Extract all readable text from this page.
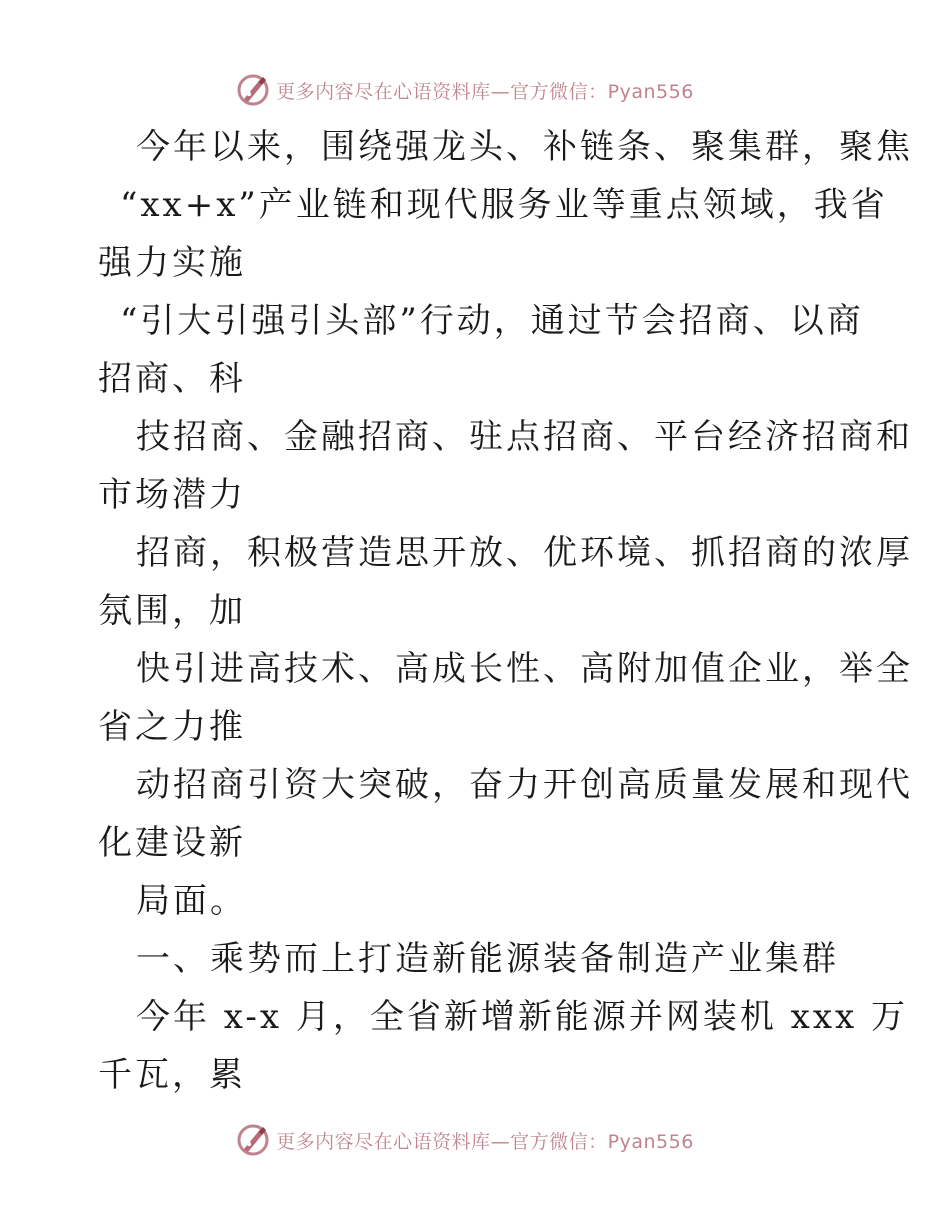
更多内容尽在心语资料库—官方微信：Pyan556
今年以来，围绕强龙头、补链条、聚集群，聚焦
“xx+x”产业链和现代服务业等重点领域，我省
强力实施
“引大引强引头部”行动，通过节会招商、以商
招商、科
技招商、金融招商、驻点招商、平台经济招商和
市场潜力
招商，积极营造思开放、优环境、抓招商的浓厚
氛围，加
快引进高技术、高成长性、高附加值企业，举全
省之力推
动招商引资大突破，奋力开创高质量发展和现代
化建设新
局面。
一、乘势而上打造新能源装备制造产业集群
今年 x-x 月，全省新增新能源并网装机 xxx 万
千瓦，累
更多内容尽在心语资料库—官方微信：Pyan556
